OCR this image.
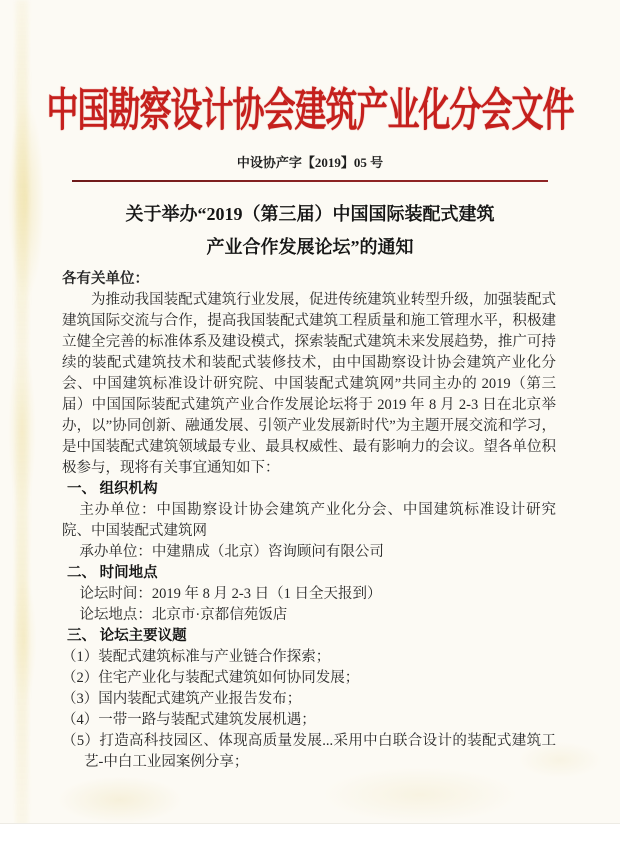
中国勘察设计协会建筑产业化分会文件
中设协产字【2019】05 号
关于举办“2019（第三届）中国国际装配式建筑
产业合作发展论坛”的通知
各有关单位：

为推动我国装配式建筑行业发展，促进传统建筑业转型升级，加强装配式建筑国际交流与合作，提高我国装配式建筑工程质量和施工管理水平，积极建立健全完善的标准体系及建设模式，探索装配式建筑未来发展趋势，推广可持续的装配式建筑技术和装配式装修技术，由中国勘察设计协会建筑产业化分会、中国建筑标准设计研究院、中国装配式建筑网”共同主办的 2019（第三届）中国国际装配式建筑产业合作发展论坛将于 2019 年 8 月 2-3 日在北京举办，以”协同创新、融通发展、引领产业发展新时代”为主题开展交流和学习，是中国装配式建筑领域最专业、最具权威性、最有影响力的会议。望各单位积极参与，现将有关事宜通知如下：

一、 组织机构

主办单位：中国勘察设计协会建筑产业化分会、中国建筑标准设计研究院、中国装配式建筑网

承办单位：中建鼎成（北京）咨询顾问有限公司

二、 时间地点

论坛时间：2019 年 8 月 2-3 日（1 日全天报到）

论坛地点：北京市·京都信苑饭店

三、 论坛主要议题
（1）装配式建筑标准与产业链合作探索；
（2）住宅产业化与装配式建筑如何协同发展；
（3）国内装配式建筑产业报告发布；
（4）一带一路与装配式建筑发展机遇；
（5）打造高科技园区、体现高质量发展...采用中白联合设计的装配式建筑工艺-中白工业园案例分享；
